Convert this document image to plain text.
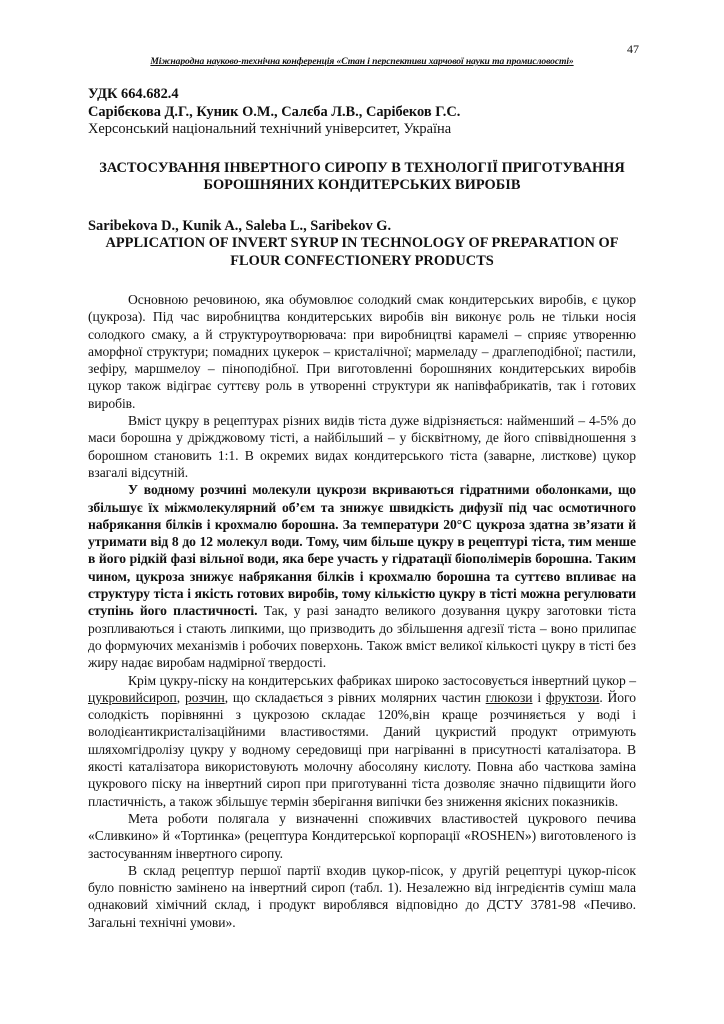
47
Міжнародна науково-технічна конференція «Стан і перспективи харчової науки та промисловості»

УДК 664.682.4

Сарібєкова Д.Г., Куник О.М., Салєба Л.В., Сарібеков Г.С.

Херсонський національний технічний університет, Україна

ЗАСТОСУВАННЯ ІНВЕРТНОГО СИРОПУ В ТЕХНОЛОГІЇ ПРИГОТУВАННЯ БОРОШНЯНИХ КОНДИТЕРСЬКИХ ВИРОБІВ

Saribekova D., Kunik A., Saleba L., Saribekov G.

APPLICATION OF INVERT SYRUP IN TECHNOLOGY OF PREPARATION OF FLOUR CONFECTIONERY PRODUCTS

Основною речовиною, яка обумовлює солодкий смак кондитерських виробів, є цукор (цукроза). Під час виробництва кондитерських виробів він виконує роль не тільки носія солодкого смаку, а й структуроутворювача: при виробництві карамелі – сприяє утворенню аморфної структури; помадних цукерок – кристалічної; мармеладу – драглеподібної; пастили, зефіру, маршмелоу – піноподібної. При виготовленні борошняних кондитерських виробів цукор також відіграє суттєву роль в утворенні структури як напівфабрикатів, так і готових виробів.

Вміст цукру в рецептурах різних видів тіста дуже відрізняється: найменший – 4-5% до маси борошна у дріжджовому тісті, а найбільший – у бісквітному, де його співвідношення з борошном становить 1:1. В окремих видах кондитерського тіста (заварне, листкове) цукор взагалі відсутній.

У водному розчині молекули цукрози вкриваються гідратними оболонками, що збільшує їх міжмолекулярний об’єм та знижує швидкість дифузії під час осмотичного набрякання білків і крохмалю борошна. За температури 20°С цукроза здатна зв’язати й утримати від 8 до 12 молекул води. Тому, чим більше цукру в рецептурі тіста, тим менше в його рідкій фазі вільної води, яка бере участь у гідратації біополімерів борошна. Таким чином, цукроза знижує набрякання білків і крохмалю борошна та суттєво впливає на структуру тіста і якість готових виробів, тому кількістю цукру в тісті можна регулювати ступінь його пластичності. Так, у разі занадто великого дозування цукру заготовки тіста розпливаються і стають липкими, що призводить до збільшення адгезії тіста – воно прилипає до формуючих механізмів і робочих поверхонь. Також вміст великої кількості цукру в тісті без жиру надає виробам надмірної твердості.

Крім цукру-піску на кондитерських фабриках широко застосовується інвертний цукор – цукровийсироп, розчин, що складається з рівних молярних частин глюкози і фруктози. Його солодкість порівнянні з цукрозою складає 120%,він краще розчиняється у воді і володієантикристалізаційними властивостями. Даний цукристий продукт отримують шляхомгідролізу цукру у водному середовищі при нагріванні в присутності каталізатора. В якості каталізатора використовують молочну абосоляну кислоту. Повна або часткова заміна цукрового піску на інвертний сироп при приготуванні тіста дозволяє значно підвищити його пластичність, а також збільшує термін зберігання випічки без зниження якісних показників.

Мета роботи полягала у визначенні споживчих властивостей цукрового печива «Сливкино» й «Тортинка» (рецептура Кондитерської корпорації «ROSHEN») виготовленого із застосуванням інвертного сиропу.

В склад рецептур першої партії входив цукор-пісок, у другій рецептурі цукор-пісок було повністю замінено на інвертний сироп (табл. 1). Незалежно від інгредієнтів суміш мала однаковий хімічний склад, і продукт вироблявся відповідно до ДСТУ 3781-98 «Печиво. Загальні технічні умови».
